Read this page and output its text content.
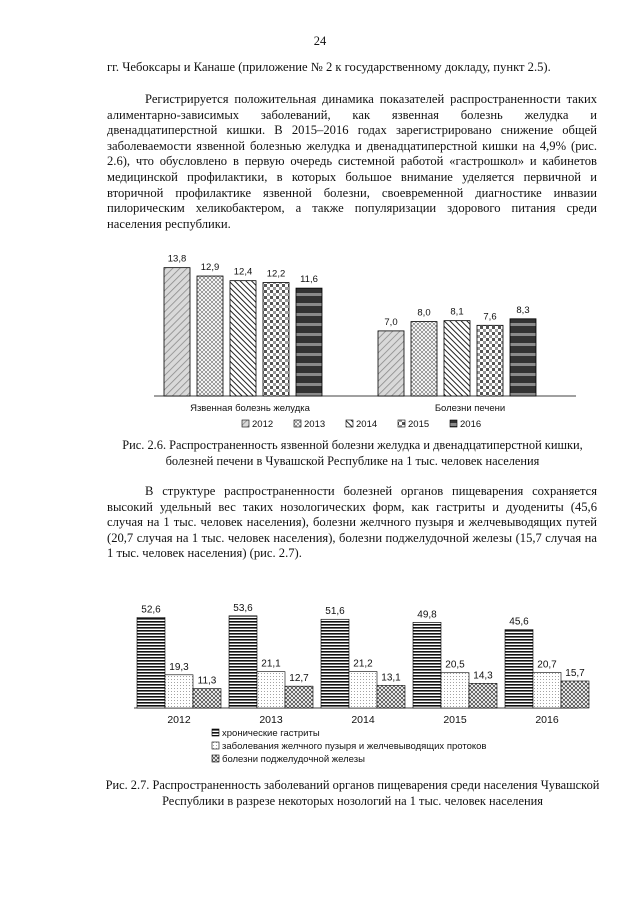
24

гг. Чебоксары и Канаше (приложение № 2 к государственному докладу, пункт 2.5).

Регистрируется положительная динамика показателей распространенности таких алиментарно-зависимых заболеваний, как язвенная болезнь желудка и двенадцатиперстной кишки. В 2015–2016 годах зарегистрировано снижение общей заболеваемости язвенной болезнью желудка и двенадцатиперстной кишки на 4,9% (рис. 2.6), что обусловлено в первую очередь системной работой «гастрошкол» и кабинетов медицинской профилактики, в которых большое внимание уделяется первичной и вторичной профилактике язвенной болезни, своевременной диагностике инвазии пилорическим хеликобактером, а также популяризации здорового питания среди населения республики.

13,8
12,9 12,4 12,2
11,6
Язвенная болезнь желудка
7,0
8,0 8,1 7,6
8,3
Болезни печени
2012	2013	2014	2015	2016

Рис. 2.6. Распространенность язвенной болезни желудка и двенадцатиперстной кишки, болезней печени в Чувашской Республике на 1 тыс. человек населения

В структуре распространенности болезней органов пищеварения сохраняется высокий удельный вес таких нозологических форм, как гастриты и дуодениты (45,6 случая на 1 тыс. человек населения), болезни желчного пузыря и желчевыводящих путей (20,7 случая на 1 тыс. человек населения), болезни поджелудочной железы (15,7 случая на 1 тыс. человек населения) (рис. 2.7).

52,6
19,3
11,3
2012
53,6
21,1
12,7
2013
51,6
21,2
13,1
2014
49,8
20,5
14,3
2015
45,6
20,7
15,7
2016
хронические гастриты
заболевания желчного пузыря и желчевыводящих протоков
болезни поджелудочной железы

Рис. 2.7. Распространенность заболеваний органов пищеварения среди населения Чувашской Республики в разрезе некоторых нозологий на 1 тыс. человек населения
